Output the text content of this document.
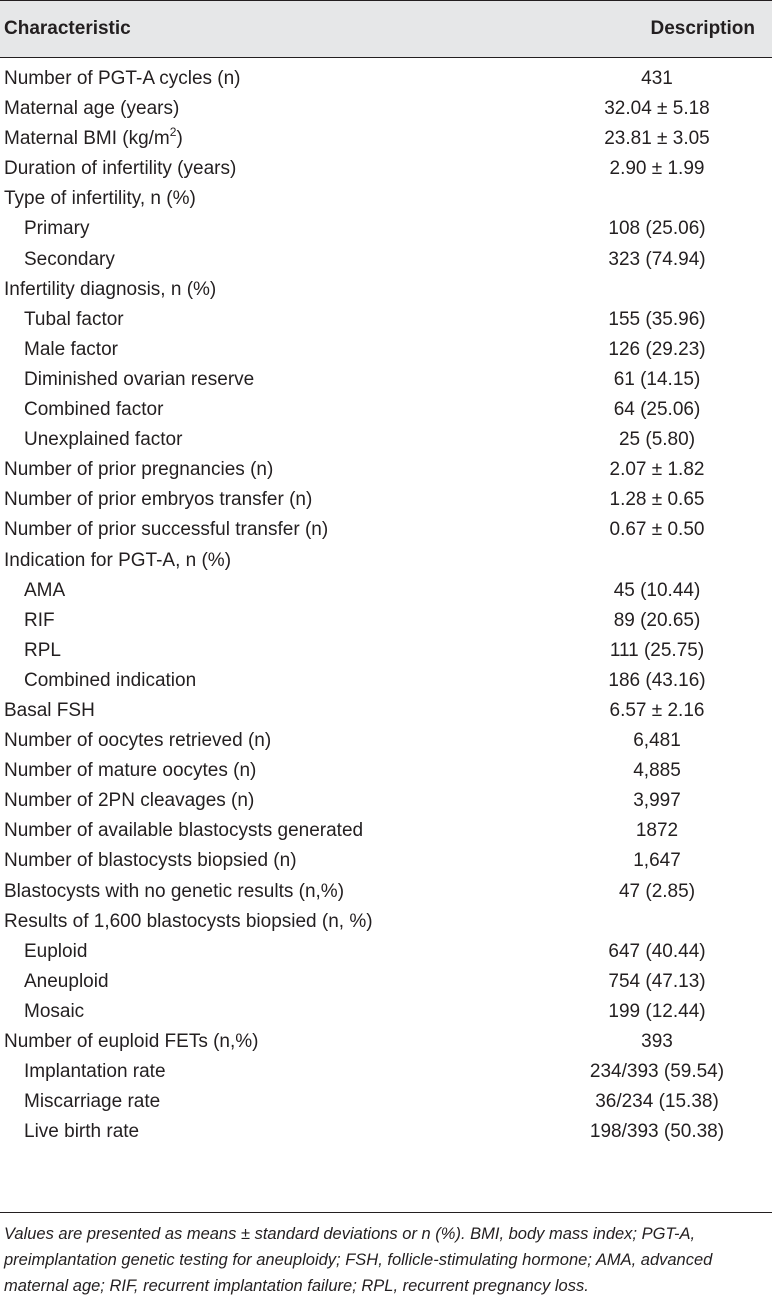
Characteristic	Description
Number of PGT-A cycles (n)	431
Maternal age (years)	32.04 ± 5.18
Maternal BMI $(kg/m^2)$	23.81 ± 3.05
Duration of infertility (years)	2.90 ± 1.99
Type of infertility, n (%)
Primary	108 (25.06)
Secondary	323 (74.94)
Infertility diagnosis, n (%)
Tubal factor	155 (35.96)
Male factor	126 (29.23)
Diminished ovarian reserve	61 (14.15)
Combined factor	64 (25.06)
Unexplained factor	25 (5.80)
Number of prior pregnancies (n)	2.07 ± 1.82
Number of prior embryos transfer (n)	1.28 ± 0.65
Number of prior successful transfer (n)	0.67 ± 0.50
Indication for PGT-A, n (%)
AMA	45 (10.44)
RIF	89 (20.65)
RPL	111 (25.75)
Combined indication	186 (43.16)
Basal FSH	6.57 ± 2.16
Number of oocytes retrieved (n)	6,481
Number of mature oocytes (n)	4,885
Number of 2PN cleavages (n)	3,997
Number of available blastocysts generated	1872
Number of blastocysts biopsied (n)	1,647
Blastocysts with no genetic results (n,%)	47 (2.85)
Results of 1,600 blastocysts biopsied (n, %)
Euploid	647 (40.44)
Aneuploid	754 (47.13)
Mosaic	199 (12.44)
Number of euploid FETs (n,%)	393
Implantation rate	234/393 (59.54)
Miscarriage rate	36/234 (15.38)
Live birth rate	198/393 (50.38)
Values are presented as means ± standard deviations or n (%). BMI, body mass index; PGT-A, preimplantation genetic testing for aneuploidy; FSH, follicle-stimulating hormone; AMA, advanced maternal age; RIF, recurrent implantation failure; RPL, recurrent pregnancy loss.
